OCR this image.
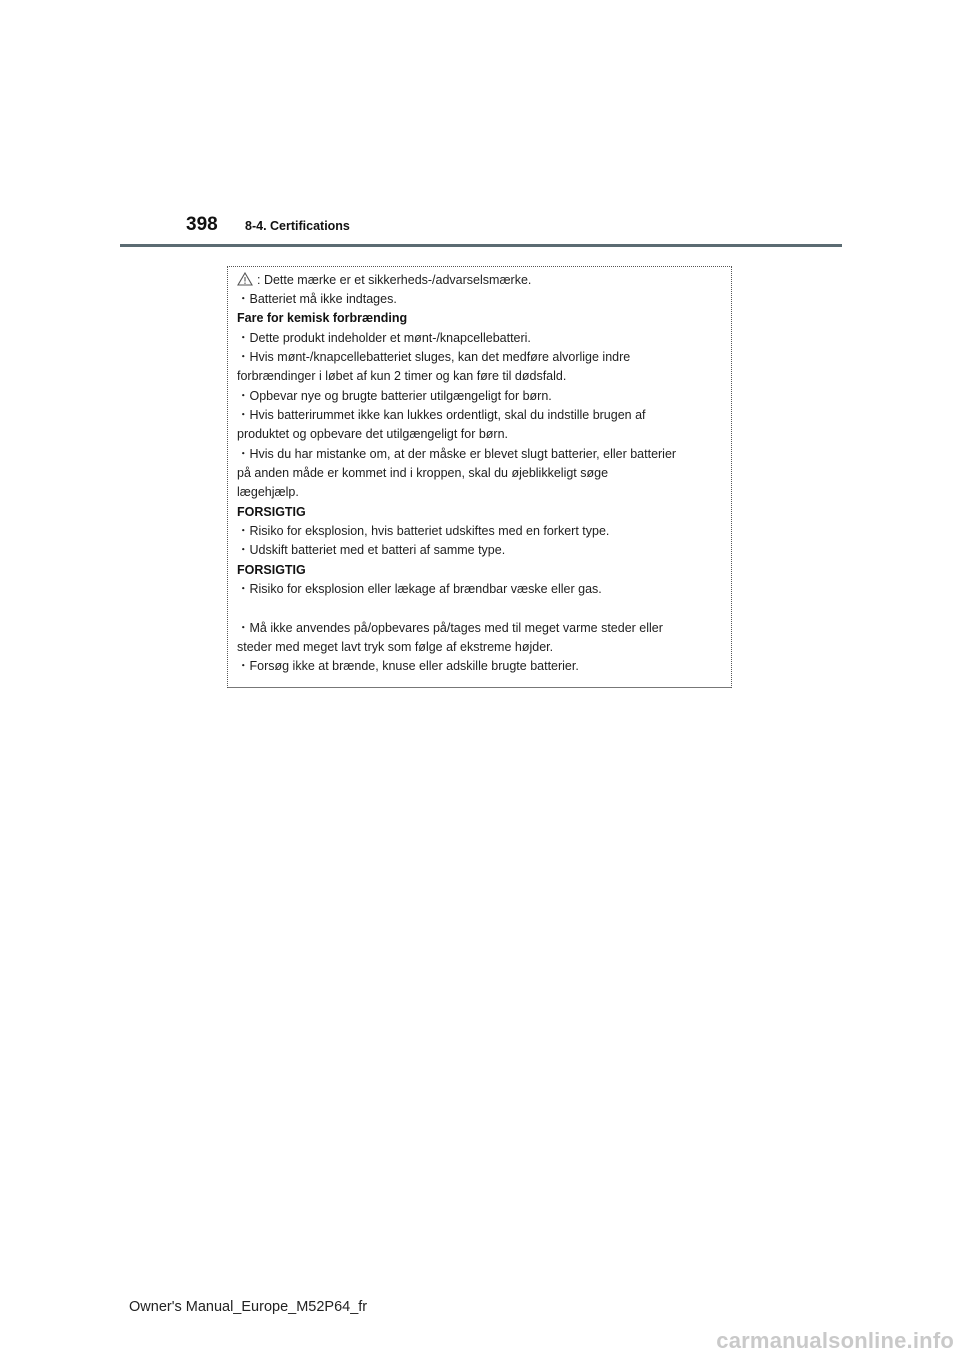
398 8-4. Certifications
: Dette mærke er et sikkerheds-/advarselsmærke.
・Batteriet må ikke indtages.
Fare for kemisk forbrænding
・Dette produkt indeholder et mønt-/knapcellebatteri.
・Hvis mønt-/knapcellebatteriet sluges, kan det medføre alvorlige indre
forbrændinger i løbet af kun 2 timer og kan føre til dødsfald.
・Opbevar nye og brugte batterier utilgængeligt for børn.
・Hvis batterirummet ikke kan lukkes ordentligt, skal du indstille brugen af
produktet og opbevare det utilgængeligt for børn.
・Hvis du har mistanke om, at der måske er blevet slugt batterier, eller batterier
på anden måde er kommet ind i kroppen, skal du øjeblikkeligt søge
lægehjælp.
FORSIGTIG
・Risiko for eksplosion, hvis batteriet udskiftes med en forkert type.
・Udskift batteriet med et batteri af samme type.
FORSIGTIG
・Risiko for eksplosion eller lækage af brændbar væske eller gas.
・Må ikke anvendes på/opbevares på/tages med til meget varme steder eller
steder med meget lavt tryk som følge af ekstreme højder.
・Forsøg ikke at brænde, knuse eller adskille brugte batterier.
Owner's Manual_Europe_M52P64_fr
carmanualsonline.info
